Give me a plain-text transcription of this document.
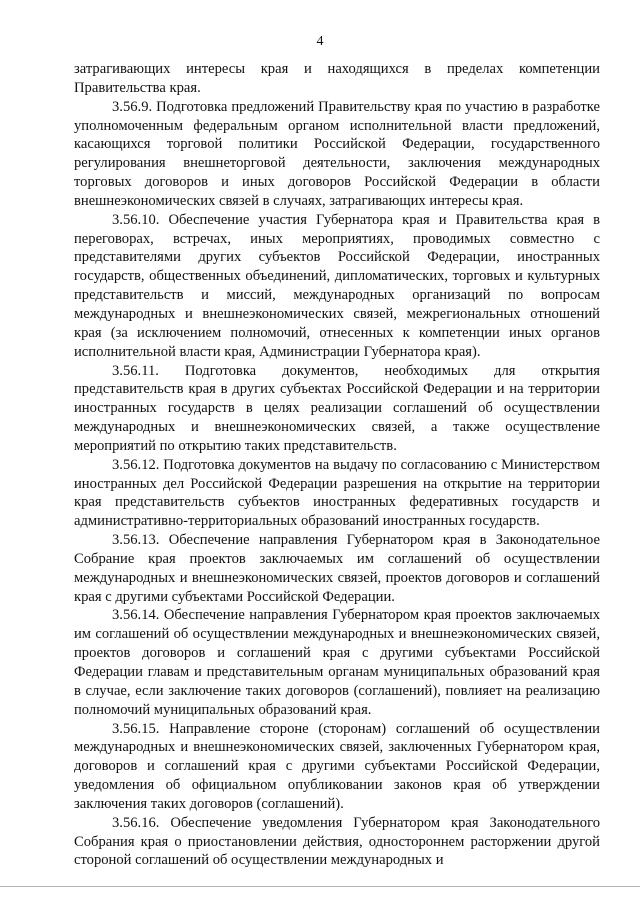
4

затрагивающих интересы края и находящихся в пределах компетенции Правительства края.

3.56.9. Подготовка предложений Правительству края по участию в разработке уполномоченным федеральным органом исполнительной власти предложений, касающихся торговой политики Российской Федерации, государственного регулирования внешнеторговой деятельности, заключения международных торговых договоров и иных договоров Российской Федерации в области внешнеэкономических связей в случаях, затрагивающих интересы края.

3.56.10. Обеспечение участия Губернатора края и Правительства края в переговорах, встречах, иных мероприятиях, проводимых совместно с представителями других субъектов Российской Федерации, иностранных государств, общественных объединений, дипломатических, торговых и культурных представительств и миссий, международных организаций по вопросам международных и внешнеэкономических связей, межрегиональных отношений края (за исключением полномочий, отнесенных к компетенции иных органов исполнительной власти края, Администрации Губернатора края).

3.56.11. Подготовка документов, необходимых для открытия представительств края в других субъектах Российской Федерации и на территории иностранных государств в целях реализации соглашений об осуществлении международных и внешнеэкономических связей, а также осуществление мероприятий по открытию таких представительств.

3.56.12. Подготовка документов на выдачу по согласованию с Министерством иностранных дел Российской Федерации разрешения на открытие на территории края представительств субъектов иностранных федеративных государств и административно-территориальных образований иностранных государств.

3.56.13. Обеспечение направления Губернатором края в Законодательное Собрание края проектов заключаемых им соглашений об осуществлении международных и внешнеэкономических связей, проектов договоров и соглашений края с другими субъектами Российской Федерации.

3.56.14. Обеспечение направления Губернатором края проектов заключаемых им соглашений об осуществлении международных и внешнеэкономических связей, проектов договоров и соглашений края с другими субъектами Российской Федерации главам и представительным органам муниципальных образований края в случае, если заключение таких договоров (соглашений), повлияет на реализацию полномочий муниципальных образований края.

3.56.15. Направление стороне (сторонам) соглашений об осуществлении международных и внешнеэкономических связей, заключенных Губернатором края, договоров и соглашений края с другими субъектами Российской Федерации, уведомления об официальном опубликовании законов края об утверждении заключения таких договоров (соглашений).

3.56.16. Обеспечение уведомления Губернатором края Законодательного Собрания края о приостановлении действия, одностороннем расторжении другой стороной соглашений об осуществлении международных и
